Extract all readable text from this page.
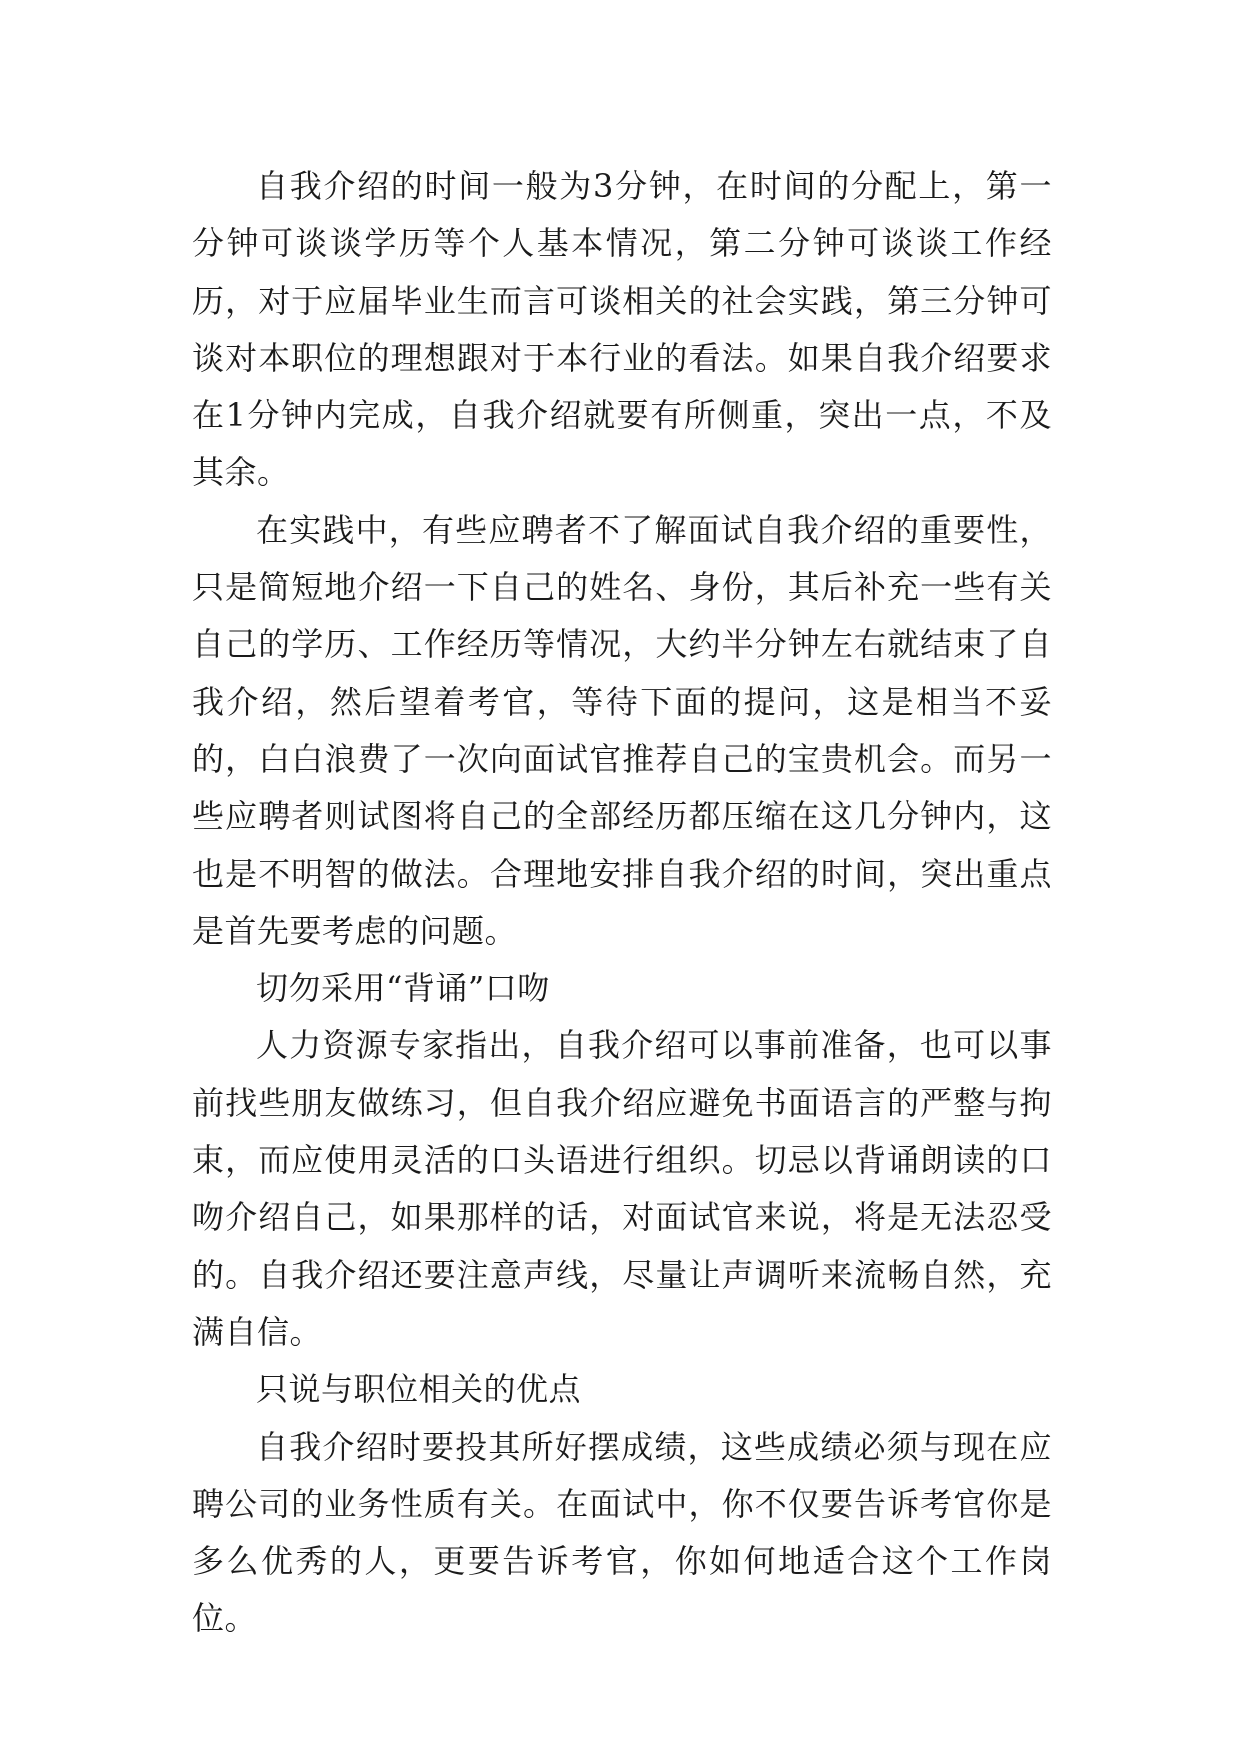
自我介绍的时间一般为3分钟，在时间的分配上，第一分钟可谈谈学历等个人基本情况，第二分钟可谈谈工作经历，对于应届毕业生而言可谈相关的社会实践，第三分钟可谈对本职位的理想跟对于本行业的看法。如果自我介绍要求在1分钟内完成，自我介绍就要有所侧重，突出一点，不及其余。

在实践中，有些应聘者不了解面试自我介绍的重要性，只是简短地介绍一下自己的姓名、身份，其后补充一些有关自己的学历、工作经历等情况，大约半分钟左右就结束了自我介绍，然后望着考官，等待下面的提问，这是相当不妥的，白白浪费了一次向面试官推荐自己的宝贵机会。而另一些应聘者则试图将自己的全部经历都压缩在这几分钟内，这也是不明智的做法。合理地安排自我介绍的时间，突出重点是首先要考虑的问题。

切勿采用“背诵”口吻

人力资源专家指出，自我介绍可以事前准备，也可以事前找些朋友做练习，但自我介绍应避免书面语言的严整与拘束，而应使用灵活的口头语进行组织。切忌以背诵朗读的口吻介绍自己，如果那样的话，对面试官来说，将是无法忍受的。自我介绍还要注意声线，尽量让声调听来流畅自然，充满自信。

只说与职位相关的优点

自我介绍时要投其所好摆成绩，这些成绩必须与现在应聘公司的业务性质有关。在面试中，你不仅要告诉考官你是多么优秀的人，更要告诉考官，你如何地适合这个工作岗位。
